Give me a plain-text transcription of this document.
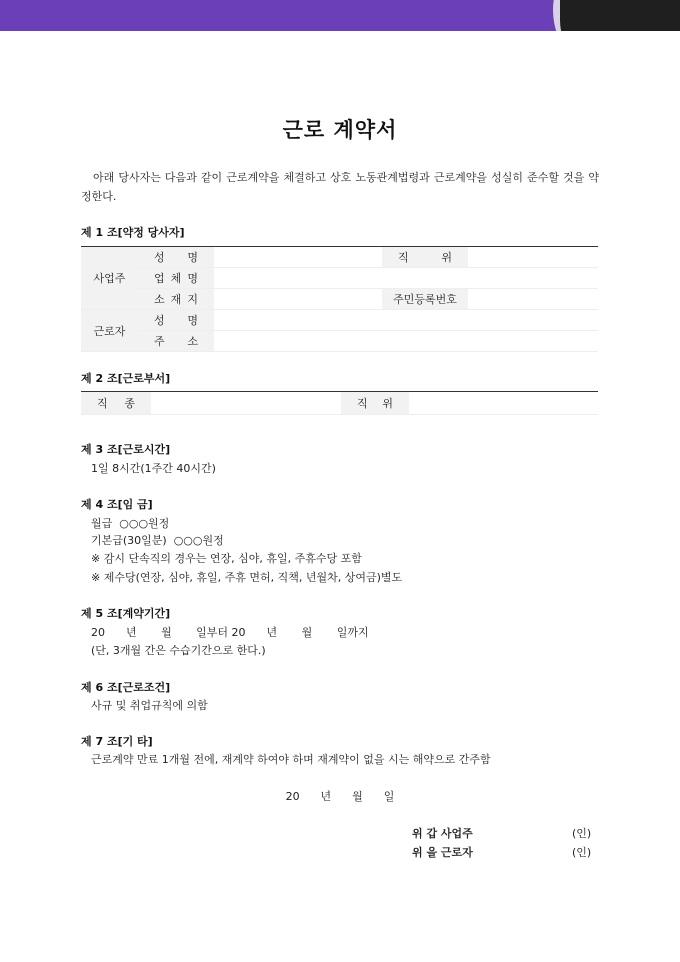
근로 계약서
아래 당사자는 다음과 같이 근로계약을 체결하고 상호 노동관계법령과 근로계약을 성실히 준수할 것을 약정한다.
제 1 조[약정 당사자]
사업주	성 명		직 위	
	업 체 명			
	소 재 지		주민등록번호	
근로자	성 명			
	주 소			
제 2 조[근로부서]
직 종		직 위	
제 3 조[근로시간]
1일 8시간(1주간 40시간)
제 4 조[임 금]
월급  ○○○원정
기본급(30일분)  ○○○원정
※ 감시 단속직의 경우는 연장, 심야, 휴일, 주휴수당 포함
※ 제수당(연장, 심야, 휴일, 주휴 면허, 직책, 년월차, 상여금)별도
제 5 조[계약기간]
20      년       월       일부터 20      년       월       일까지
(단, 3개월 간은 수습기간으로 한다.)
제 6 조[근로조건]
사규 및 취업규칙에 의함
제 7 조[기 타]
근로계약 만료 1개월 전에, 재계약 하여야 하며 재계약이 없을 시는 해약으로 간주함
20      년      월      일
위 갑 사업주	(인)
위 을 근로자	(인)
